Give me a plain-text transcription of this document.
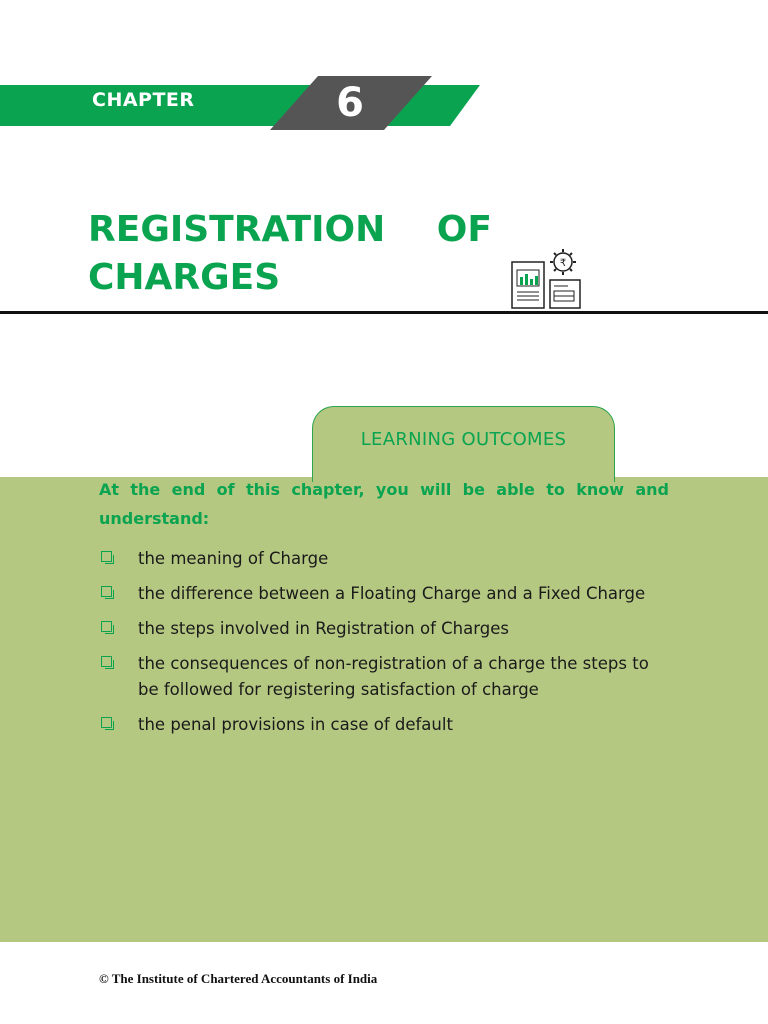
CHAPTER	6
REGISTRATION OF
CHARGES	₹
LEARNING OUTCOMES
At the end of this chapter, you will be able to know and understand:
the meaning of Charge
the difference between a Floating Charge and a Fixed Charge
the steps involved in Registration of Charges
the consequences of non-registration of a charge the steps to be followed for registering satisfaction of charge
the penal provisions in case of default
© The Institute of Chartered Accountants of India
